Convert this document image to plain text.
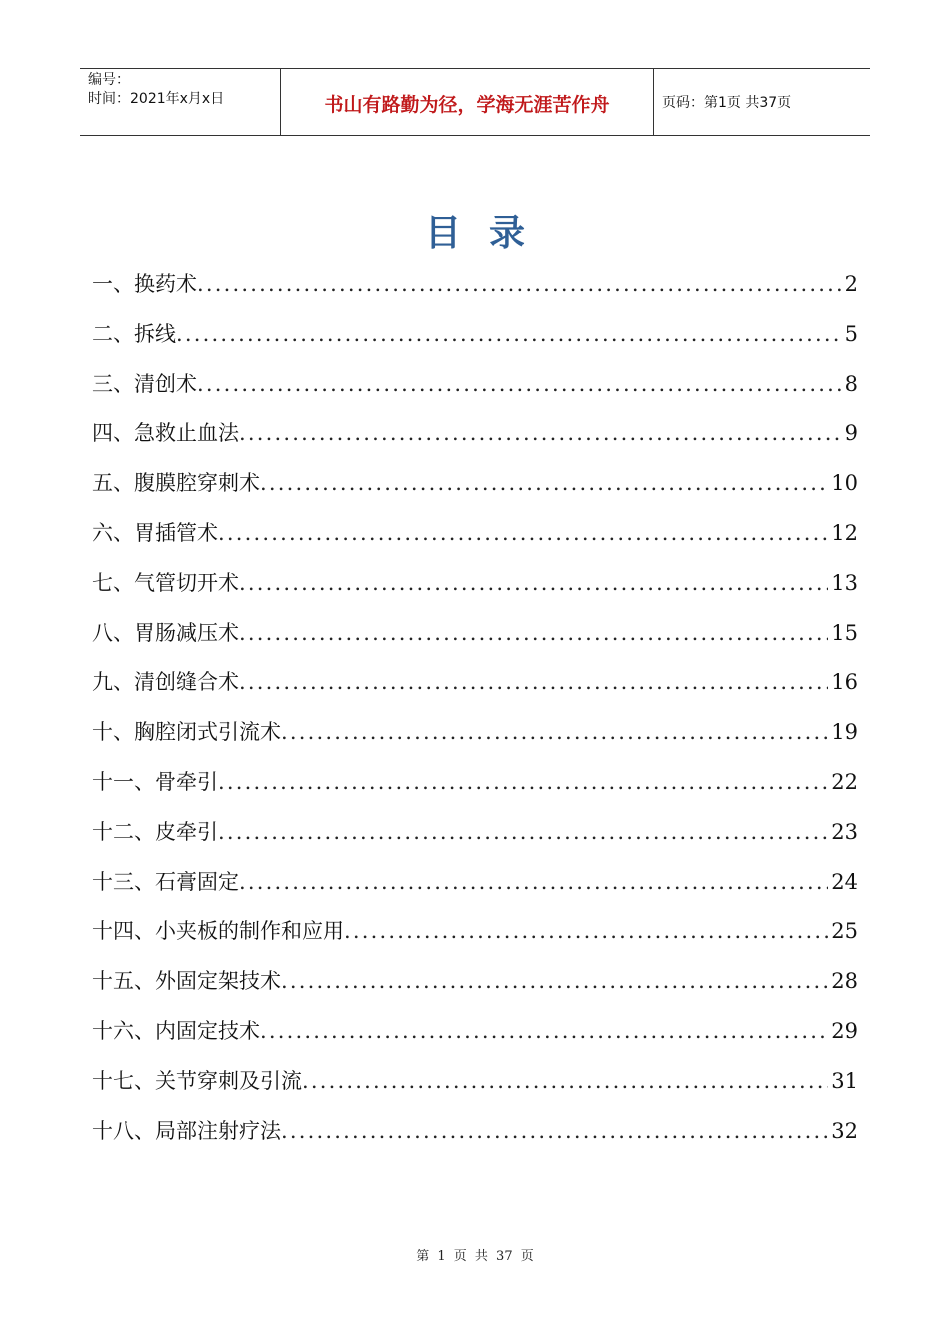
编号：
时间：2021年x月x日	书山有路勤为径，学海无涯苦作舟	页码：第1页 共37页
目录
一、换药术 .....	2
二、拆线 .....	5
三、清创术 .....	8
四、急救止血法 .....	9
五、腹膜腔穿刺术 .....	10
六、胃插管术 .....	12
七、气管切开术 .....	13
八、胃肠减压术 .....	15
九、清创缝合术 .....	16
十、胸腔闭式引流术 .....	19
十一、骨牵引 .....	22
十二、皮牵引 .....	23
十三、石膏固定 .....	24
十四、小夹板的制作和应用 .....	25
十五、外固定架技术 .....	28
十六、内固定技术 .....	29
十七、关节穿刺及引流 .....	31
十八、局部注射疗法 .....	32
第 1 页 共 37 页
